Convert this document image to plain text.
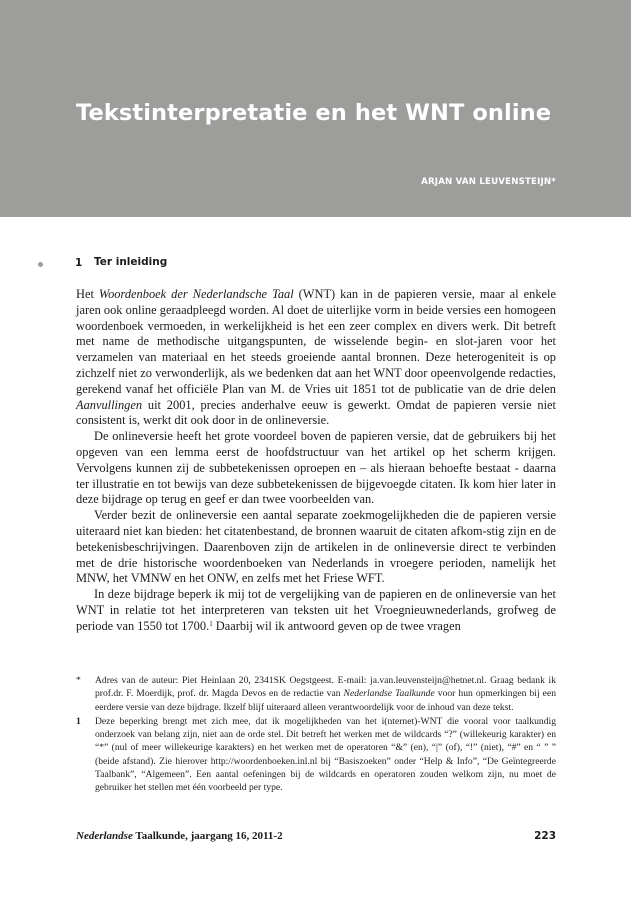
Tekstinterpretatie en het WNT online
ARJAN VAN LEUVENSTEIJN*
1 Ter inleiding

Het Woordenboek der Nederlandsche Taal (WNT) kan in de papieren versie, maar al enkele jaren ook online geraadpleegd worden. Al doet de uiterlijke vorm in beide versies een homogeen woordenboek vermoeden, in werkelijkheid is het een zeer complex en divers werk. Dit betreft met name de methodische uitgangspunten, de wisselende begin- en slot-jaren voor het verzamelen van materiaal en het steeds groeiende aantal bronnen. Deze heterogeniteit is op zichzelf niet zo verwonderlijk, als we bedenken dat aan het WNT door opeenvolgende redacties, gerekend vanaf het officiële Plan van M. de Vries uit 1851 tot de publicatie van de drie delen Aanvullingen uit 2001, precies anderhalve eeuw is gewerkt. Omdat de papieren versie niet consistent is, werkt dit ook door in de onlineversie.

De onlineversie heeft het grote voordeel boven de papieren versie, dat de gebruikers bij het opgeven van een lemma eerst de hoofdstructuur van het artikel op het scherm krijgen. Vervolgens kunnen zij de subbetekenissen oproepen en – als hieraan behoefte bestaat - daarna ter illustratie en tot bewijs van deze subbetekenissen de bijgevoegde citaten. Ik kom hier later in deze bijdrage op terug en geef er dan twee voorbeelden van.

Verder bezit de onlineversie een aantal separate zoekmogelijkheden die de papieren versie uiteraard niet kan bieden: het citatenbestand, de bronnen waaruit de citaten afkom-stig zijn en de betekenisbeschrijvingen. Daarenboven zijn de artikelen in de onlineversie direct te verbinden met de drie historische woordenboeken van Nederlands in vroegere perioden, namelijk het MNW, het VMNW en het ONW, en zelfs met het Friese WFT.

In deze bijdrage beperk ik mij tot de vergelijking van de papieren en de onlineversie van het WNT in relatie tot het interpreteren van teksten uit het Vroegnieuwnederlands, grofweg de periode van 1550 tot 1700.$^1$ Daarbij wil ik antwoord geven op de twee vragen

* Adres van de auteur: Piet Heinlaan 20, 2341SK Oegstgeest. E-mail: ja.van.leuvensteijn@hetnet.nl. Graag bedank ik prof.dr. F. Moerdijk, prof. dr. Magda Devos en de redactie van Nederlandse Taalkunde voor hun opmerkingen bij een eerdere versie van deze bijdrage. Ikzelf blijf uiteraard alleen verantwoordelijk voor de inhoud van deze tekst.
1 Deze beperking brengt met zich mee, dat ik mogelijkheden van het i(nternet)-WNT die vooral voor taalkundig onderzoek van belang zijn, niet aan de orde stel. Dit betreft het werken met de wildcards “?” (willekeurig karakter) en “*” (nul of meer willekeurige karakters) en het werken met de operatoren “&” (en), “|” (of), “!” (niet), “#” en “ ” ” (beide afstand). Zie hierover http://woordenboeken.inl.nl bij “Basiszoeken” onder “Help & Info”, “De Geïntegreerde Taalbank”, “Algemeen”. Een aantal oefeningen bij de wildcards en operatoren zouden welkom zijn, nu moet de gebruiker het stellen met één voorbeeld per type.
Nederlandse Taalkunde, jaargang 16, 2011-2	223
